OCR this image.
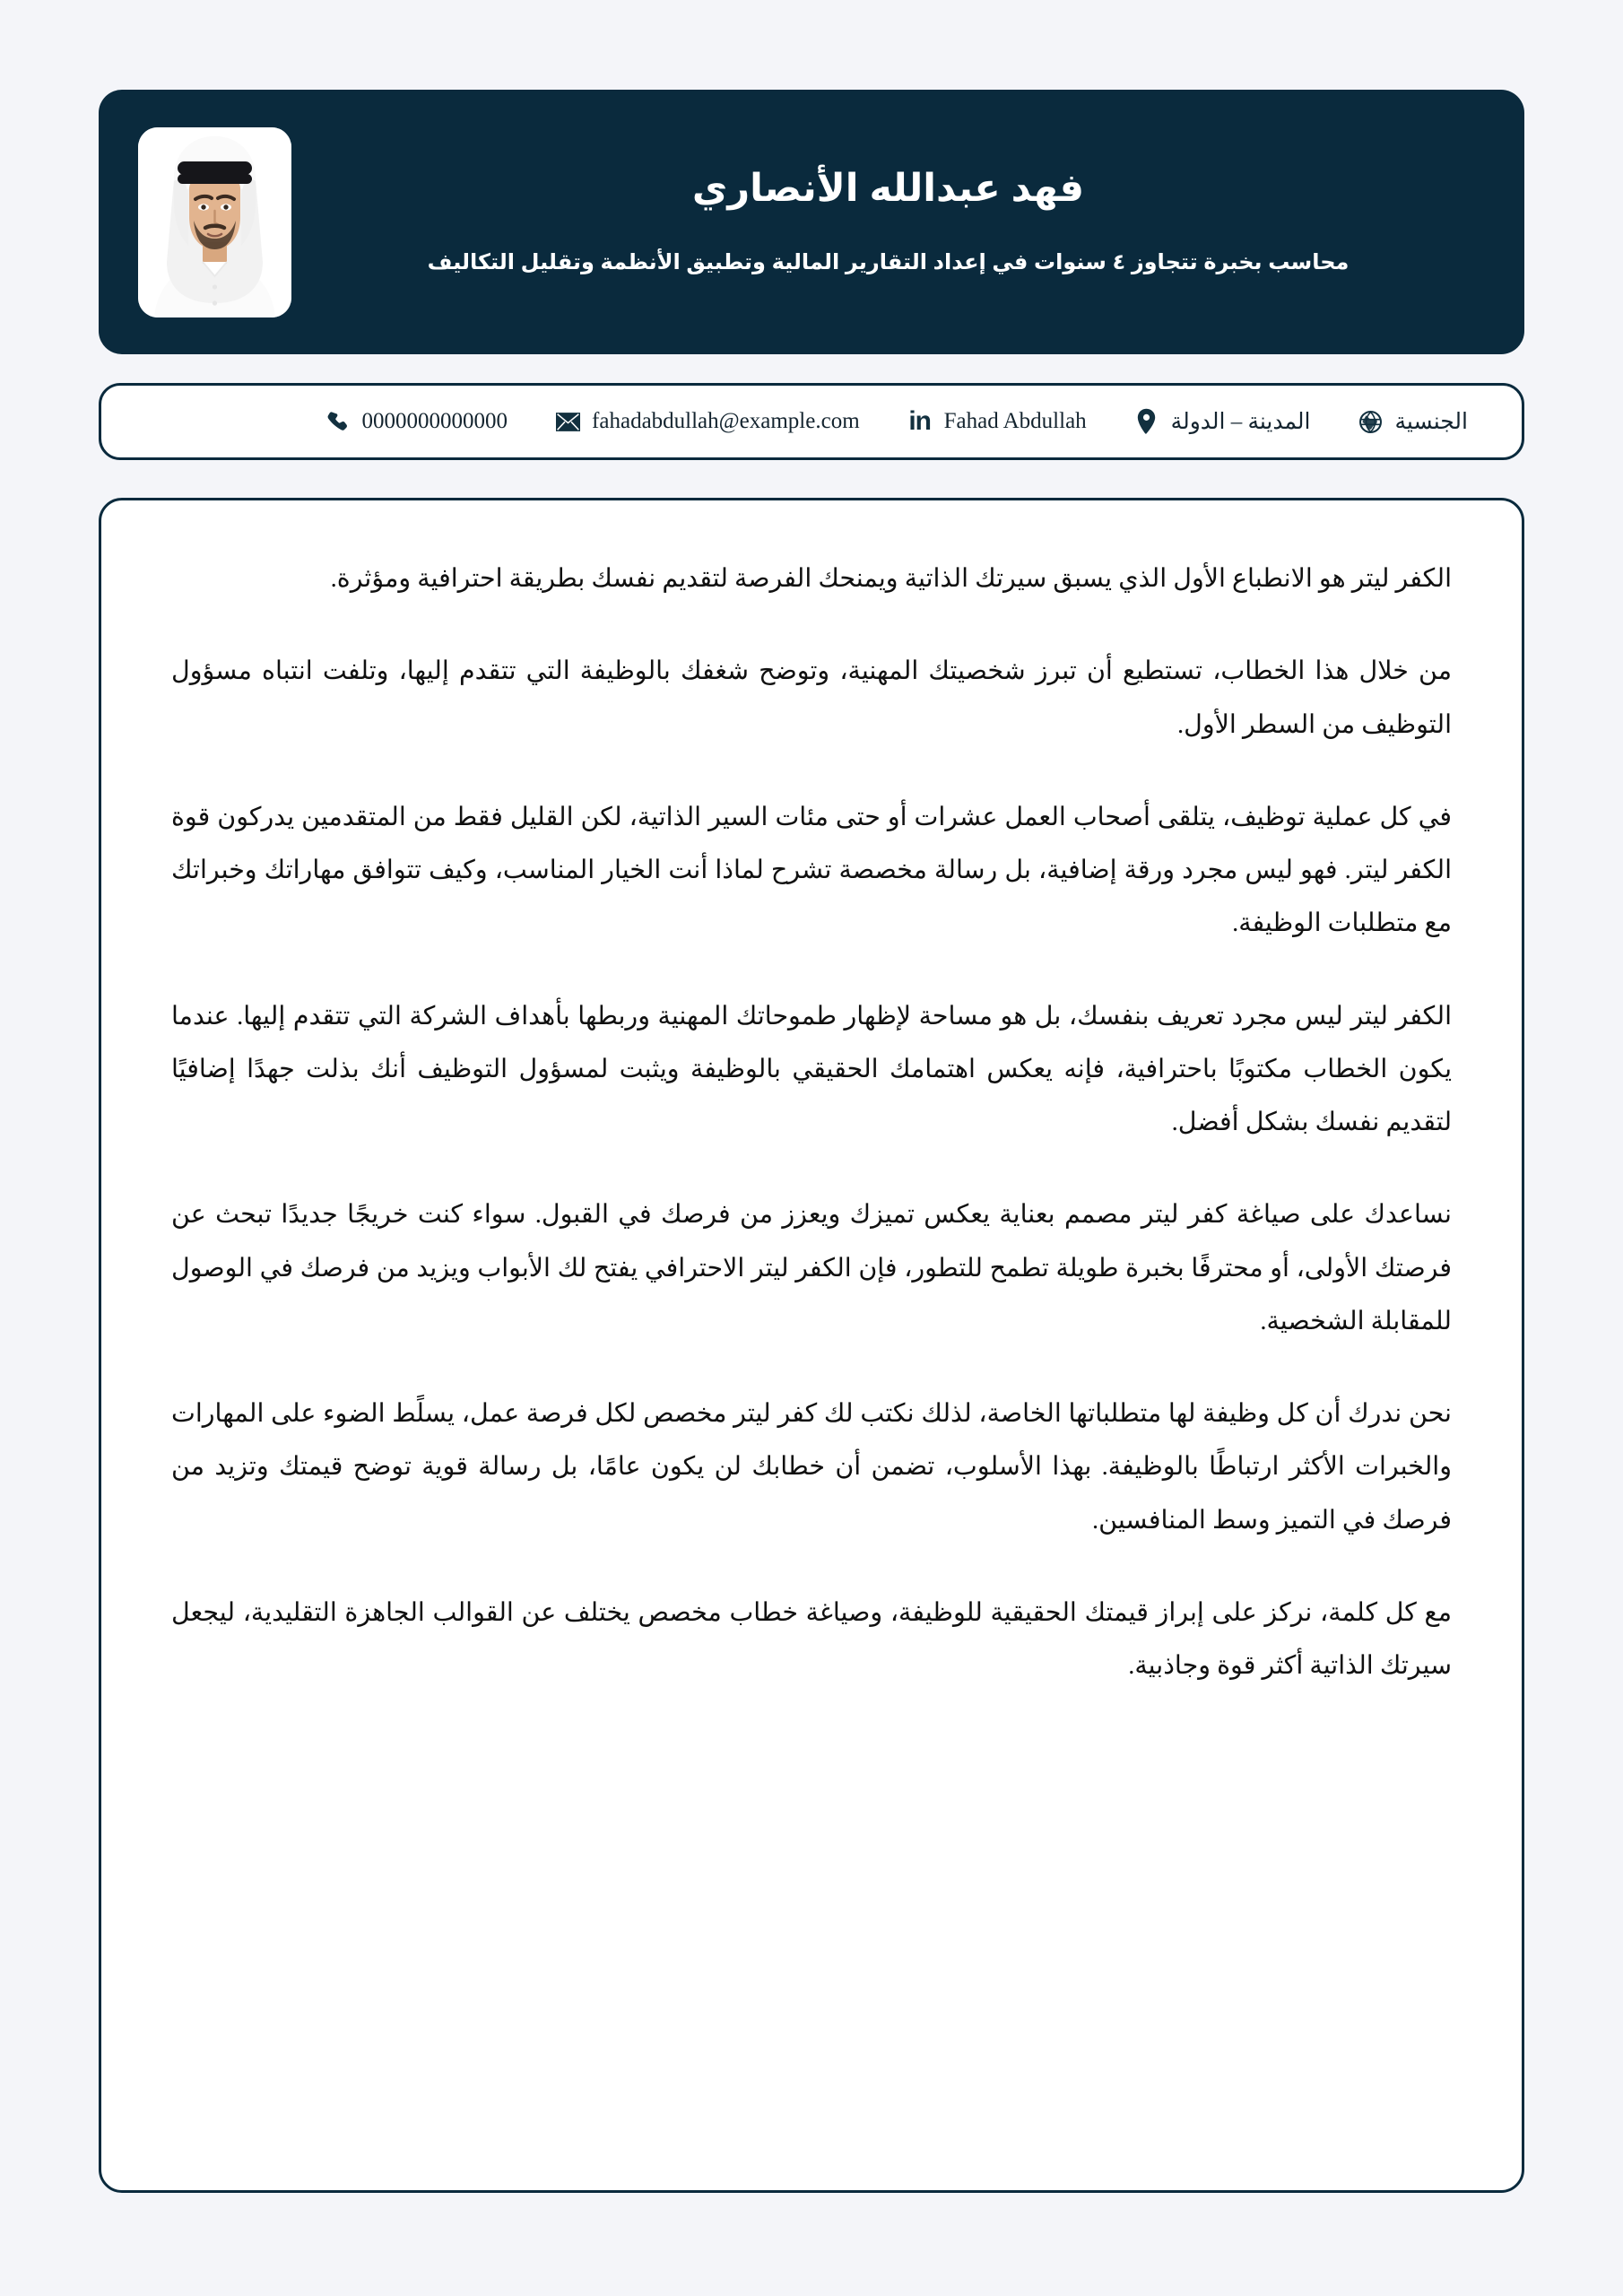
فهد عبدالله الأنصاري
محاسب بخبرة تتجاوز ٤ سنوات في إعداد التقارير المالية وتطبيق الأنظمة وتقليل التكاليف
الجنسية
المدينة – الدولة
Fahad Abdullah
in
fahadabdullah@example.com
0000000000000

الكفر ليتر هو الانطباع الأول الذي يسبق سيرتك الذاتية ويمنحك الفرصة لتقديم نفسك بطريقة احترافية ومؤثرة.

من خلال هذا الخطاب، تستطيع أن تبرز شخصيتك المهنية، وتوضح شغفك بالوظيفة التي تتقدم إليها، وتلفت انتباه مسؤول التوظيف من السطر الأول.

في كل عملية توظيف، يتلقى أصحاب العمل عشرات أو حتى مئات السير الذاتية، لكن القليل فقط من المتقدمين يدركون قوة الكفر ليتر. فهو ليس مجرد ورقة إضافية، بل رسالة مخصصة تشرح لماذا أنت الخيار المناسب، وكيف تتوافق مهاراتك وخبراتك مع متطلبات الوظيفة.

الكفر ليتر ليس مجرد تعريف بنفسك، بل هو مساحة لإظهار طموحاتك المهنية وربطها بأهداف الشركة التي تتقدم إليها. عندما يكون الخطاب مكتوبًا باحترافية، فإنه يعكس اهتمامك الحقيقي بالوظيفة ويثبت لمسؤول التوظيف أنك بذلت جهدًا إضافيًا لتقديم نفسك بشكل أفضل.

نساعدك على صياغة كفر ليتر مصمم بعناية يعكس تميزك ويعزز من فرصك في القبول. سواء كنت خريجًا جديدًا تبحث عن فرصتك الأولى، أو محترفًا بخبرة طويلة تطمح للتطور، فإن الكفر ليتر الاحترافي يفتح لك الأبواب ويزيد من فرصك في الوصول للمقابلة الشخصية.

نحن ندرك أن كل وظيفة لها متطلباتها الخاصة، لذلك نكتب لك كفر ليتر مخصص لكل فرصة عمل، يسلًط الضوء على المهارات والخبرات الأكثر ارتباطًا بالوظيفة. بهذا الأسلوب، تضمن أن خطابك لن يكون عامًا، بل رسالة قوية توضح قيمتك وتزيد من فرصك في التميز وسط المنافسين.

مع كل كلمة، نركز على إبراز قيمتك الحقيقية للوظيفة، وصياغة خطاب مخصص يختلف عن القوالب الجاهزة التقليدية، ليجعل سيرتك الذاتية أكثر قوة وجاذبية.
